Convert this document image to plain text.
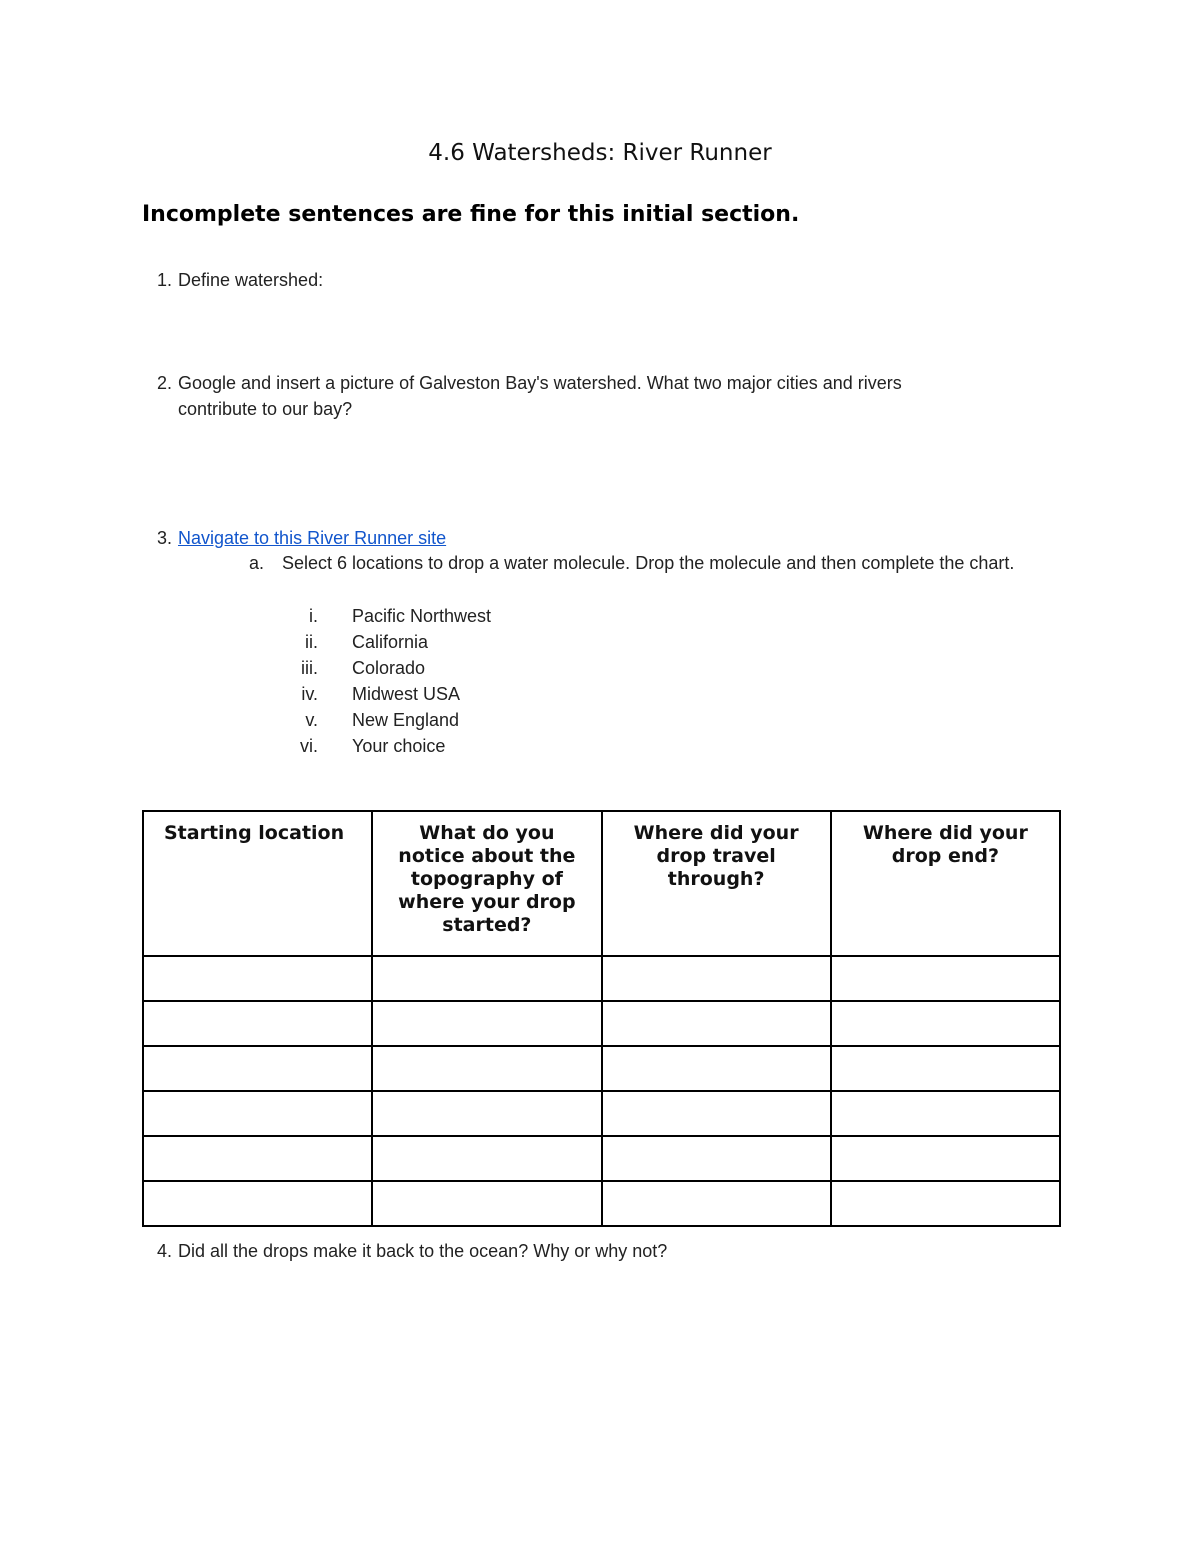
4.6 Watersheds: River Runner
Incomplete sentences are fine for this initial section.
1. Define watershed:
2. Google and insert a picture of Galveston Bay's watershed. What two major cities and rivers
contribute to our bay?
3. Navigate to this River Runner site
a. Select 6 locations to drop a water molecule. Drop the molecule and then complete the chart.
i. Pacific Northwest
ii. California
iii. Colorado
iv. Midwest USA
v. New England
vi. Your choice
Starting location	What do you notice about the topography of where your drop started?	Where did your drop travel through?	Where did your drop end?

4. Did all the drops make it back to the ocean? Why or why not?
